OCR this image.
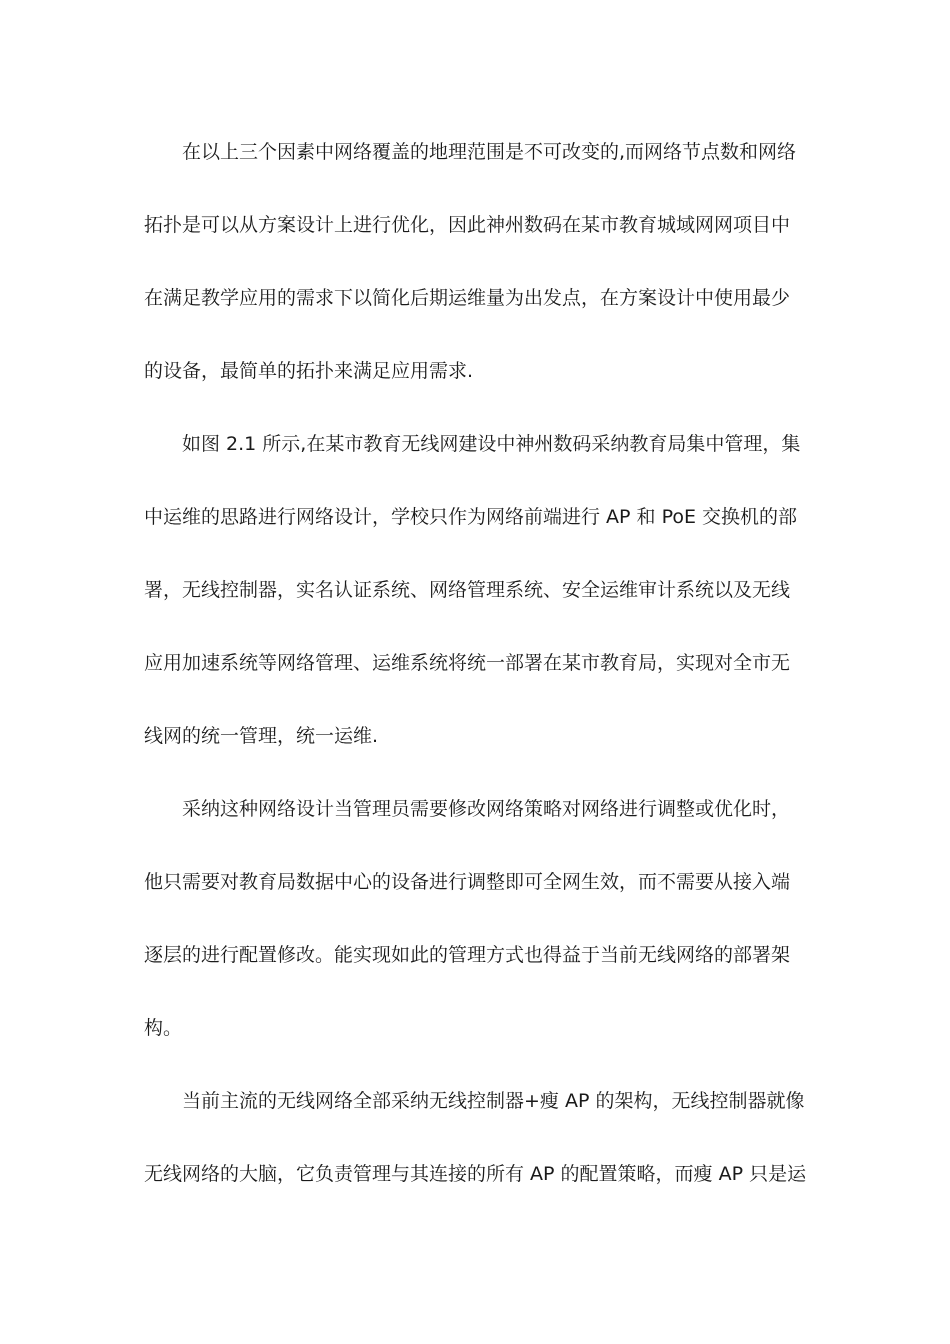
在以上三个因素中网络覆盖的地理范围是不可改变的,而网络节点数和网络
拓扑是可以从方案设计上进行优化，因此神州数码在某市教育城域网网项目中
在满足教学应用的需求下以简化后期运维量为出发点，在方案设计中使用最少
的设备，最简单的拓扑来满足应用需求.
如图 2.1 所示,在某市教育无线网建设中神州数码采纳教育局集中管理，集
中运维的思路进行网络设计，学校只作为网络前端进行 AP 和 PoE 交换机的部
署，无线控制器，实名认证系统、网络管理系统、安全运维审计系统以及无线
应用加速系统等网络管理、运维系统将统一部署在某市教育局，实现对全市无
线网的统一管理，统一运维.
采纳这种网络设计当管理员需要修改网络策略对网络进行调整或优化时，
他只需要对教育局数据中心的设备进行调整即可全网生效，而不需要从接入端
逐层的进行配置修改。能实现如此的管理方式也得益于当前无线网络的部署架
构。
当前主流的无线网络全部采纳无线控制器+瘦 AP 的架构，无线控制器就像
无线网络的大脑，它负责管理与其连接的所有 AP 的配置策略，而瘦 AP 只是运
